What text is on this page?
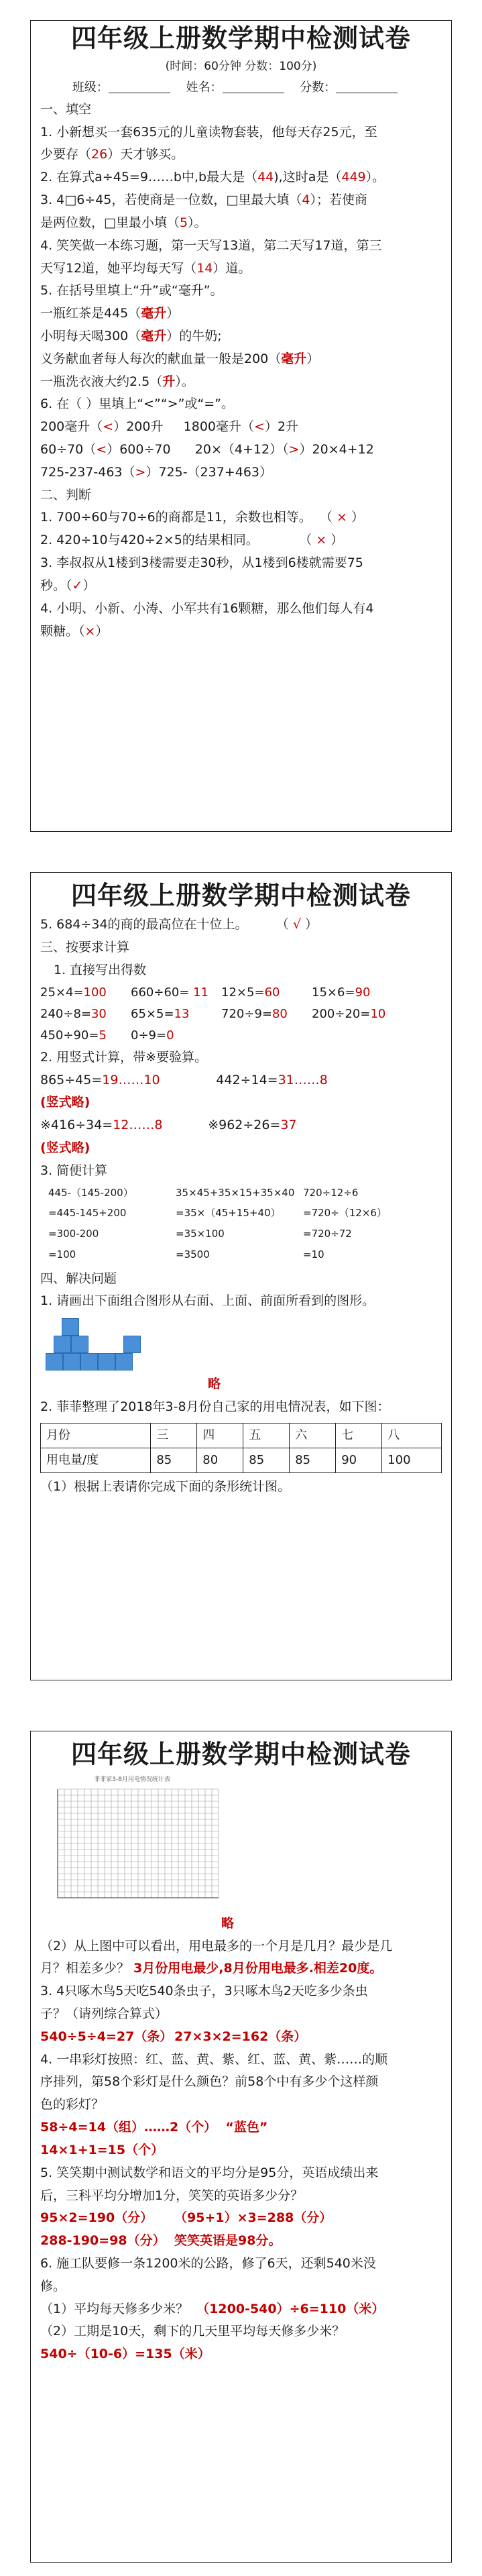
四年级上册数学期中检测试卷

(时间：60分钟 分数：100分)
班级：	姓名：	分数：

一、填空

1. 小新想买一套635元的儿童读物套装，他每天存25元，至

少要存（26）天才够买。

2. 在算式a÷45=9……b中,b最大是（44),这时a是（449）。

3. 4□6÷45，若使商是一位数，□里最大填（4）；若使商

是两位数，□里最小填（5）。

4. 笑笑做一本练习题，第一天写13道，第二天写17道，第三

天写12道，她平均每天写（14）道。

5. 在括号里填上“升”或“毫升”。

一瓶红茶是445（毫升）

小明每天喝300（毫升）的牛奶;

义务献血者每人每次的献血量一般是200（毫升）

一瓶洗衣液大约2.5（升）。

6. 在（ ）里填上“<”“>”或“=”。

200毫升（<）200升     1800毫升（<）2升

60÷70（<）600÷70      20×（4+12）（>）20×4+12

725-237-463（>）725-（237+463）

二、判断

1. 700÷60与70÷6的商都是11，余数也相等。  （ × ）

2. 420÷10与420÷2×5的结果相同。          （ × ）

3. 李叔叔从1楼到3楼需要走30秒，从1楼到6楼就需要75

秒。（✓）

4. 小明、小新、小涛、小军共有16颗糖，那么他们每人有4

颗糖。（×）

四年级上册数学期中检测试卷

5. 684÷34的商的最高位在十位上。       （ √ ）

三、按要求计算

1. 直接写出得数

25×4=100	660÷60= 11	12×5=60	15×6=90
240÷8=30	65×5=13	720÷9=80	200÷20=10
450÷90=5	0÷9=0

2. 用竖式计算，带※要验算。

865÷45=19……10	442÷14=31……8

(竖式略)

※416÷34=12……8	※962÷26=37

(竖式略)

3. 简便计算

445-（145-200）	35×45+35×15+35×40 720÷12÷6
=445-145+200	=35×（45+15+40）	=720÷（12×6）
=300-200	=35×100	=720÷72
=100	=3500	=10

四、解决问题

1. 请画出下面组合图形从右面、上面、前面所看到的图形。

略

2. 菲菲整理了2018年3-8月份自己家的用电情况表，如下图：

月份	三	四	五	六	七	八
用电量/度	85	80	85	85	90	100

（1）根据上表请你完成下面的条形统计图。

四年级上册数学期中检测试卷

菲菲家3-8月用电情况统计表

略

（2）从上图中可以看出，用电最多的一个月是几月？最少是几

月？相差多少？ 3月份用电最少,8月份用电最多.相差20度。

3. 4只啄木鸟5天吃540条虫子，3只啄木鸟2天吃多少条虫

子？（请列综合算式）

540÷5÷4=27（条） 27×3×2=162（条）

4. 一串彩灯按照：红、蓝、黄、紫、红、蓝、黄、紫……的顺

序排列，第58个彩灯是什么颜色？前58个中有多少个这样颜

色的彩灯？

58÷4=14（组）……2（个）  “蓝色”

14×1+1=15（个）

5. 笑笑期中测试数学和语文的平均分是95分，英语成绩出来

后，三科平均分增加1分，笑笑的英语多少分？

95×2=190（分） （95+1）×3=288（分）

288-190=98（分） 笑笑英语是98分。

6. 施工队要修一条1200米的公路，修了6天，还剩540米没

修。

（1）平均每天修多少米？  （1200-540）÷6=110（米）

（2）工期是10天，剩下的几天里平均每天修多少米？

540÷（10-6）=135（米）
